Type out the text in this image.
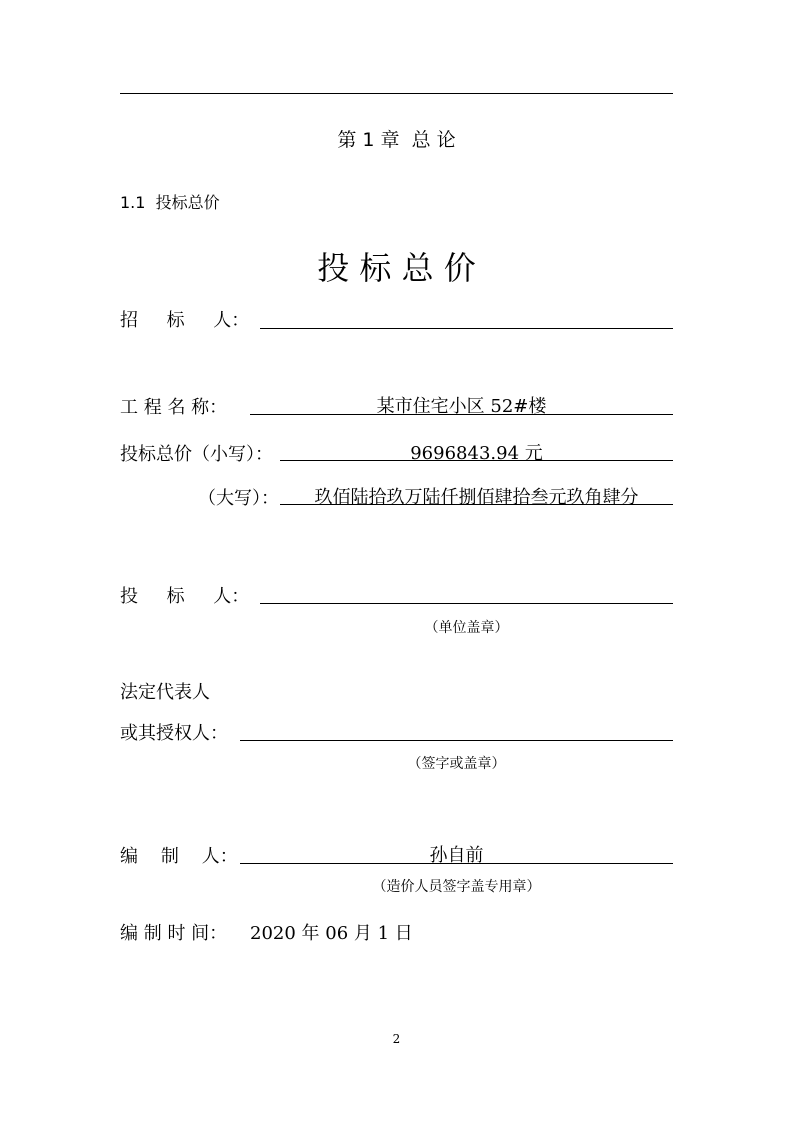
第 1 章  总 论
1.1  投标总价
投 标 总 价
招     标     人：
工 程 名 称：	某市住宅小区 52#楼
投标总价（小写）：	9696843.94 元
（大写）：	玖佰陆拾玖万陆仟捌佰肆拾叁元玖角肆分
投     标     人：
（单位盖章）
法定代表人
或其授权人：
（签字或盖章）
编    制    人：	孙自前
（造价人员签字盖专用章）
编 制 时 间： 2020 年 06 月 1 日
2
